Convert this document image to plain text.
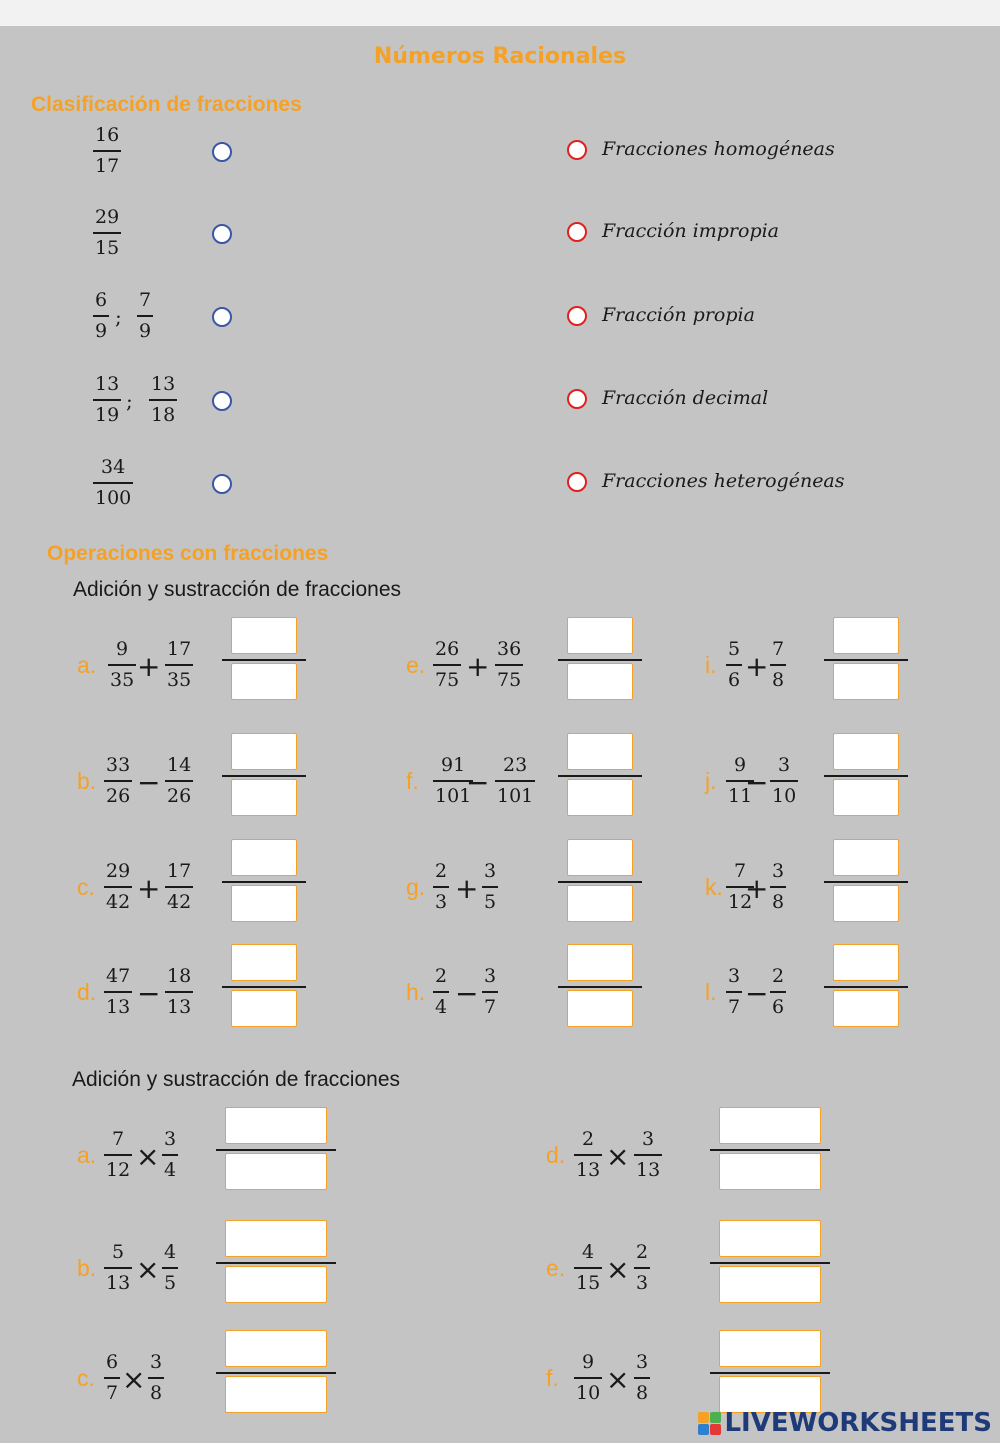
Números Racionales
Clasificación de fracciones
16
17
29
15
6
9
;
7
9
13
19
;
13
18
34
100
Fracciones homogéneas
Fracción impropia
Fracción propia
Fracción decimal
Fracciones heterogéneas
Operaciones con fracciones
Adición y sustracción de fracciones
a.
9
35 +
17
35
b.
33
26 −
14
26
c.
29
42 +
17
42
d.
47
13 −
18
13
e.
26
75 +
36
75
f.
91
101
−
23
101
g.
2
3 +
3
5
h.
2
4 −
3
7
i.
5
6 +
7
8
j.
9
11
−
3
10
k.
7
12
+
3
8
l.
3
7 −
2
6
Adición y sustracción de fracciones
a.
7
12 ×
3
4
b.
5
13 ×
4
5
c.
6
7 ×
3
8
d.
2
13 ×
3
13
e.
4
15 ×
2
3
f.
9
10 ×
3
8
LIVEWORKSHEETS
